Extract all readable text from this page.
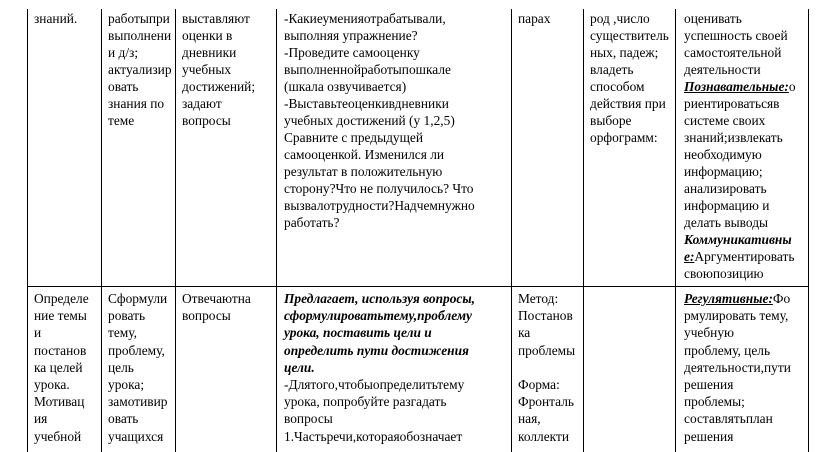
знаний. работыпри
выполнени
и д/з;
актуализир
овать
знания по
теме
выставляют
оценки в
дневники
учебных
достижений;
задают
вопросы
-Какиеуменияотрабатывали,
выполняя упражнение?
-Проведите самооценку
выполненнойработыпошкале
(шкала озвучивается)
-Выставьтеоценкивдневники
учебных достижений (у 1,2,5)
Сравните с предыдущей
самооценкой. Изменился ли
результат в положительную
сторону?Что не получилось? Что
вызвалотрудности?Надчемнужно
работать?
парах	род ,число
существитель
ных, падеж;
владеть
способом
действия при
выборе
орфограмм:
оценивать
успешность своей
самостоятельной
деятельности
Познавательные:о
риентироватьсяв
системе своих
знаний;извлекать
необходимую
информацию;
анализировать
информацию и
делать выводы
Коммуникативны
е:Аргументировать
своюпозицию
Определе
ние темы
и
постанов
ка целей
урока.
Мотивац
ия
учебной
Сформули
ровать
тему,
проблему,
цель
урока;
замотивир
овать
учащихся
Отвечаютна
вопросы
Предлагает, используя вопросы,
сформулироватьтему,проблему
урока, поставить цели и
определить пути достижения
цели.
-Длятого,чтобыопределитьтему
урока, попробуйте разгадать
вопросы
1.Частьречи,котораяобозначает
Метод:
Постанов
ка
проблемы
Форма:
Фронталь
ная,
коллекти
Регулятивные:Фо
рмулировать тему,
учебную
проблему, цель
деятельности,пути
решения
проблемы;
составлятьплан
решения
